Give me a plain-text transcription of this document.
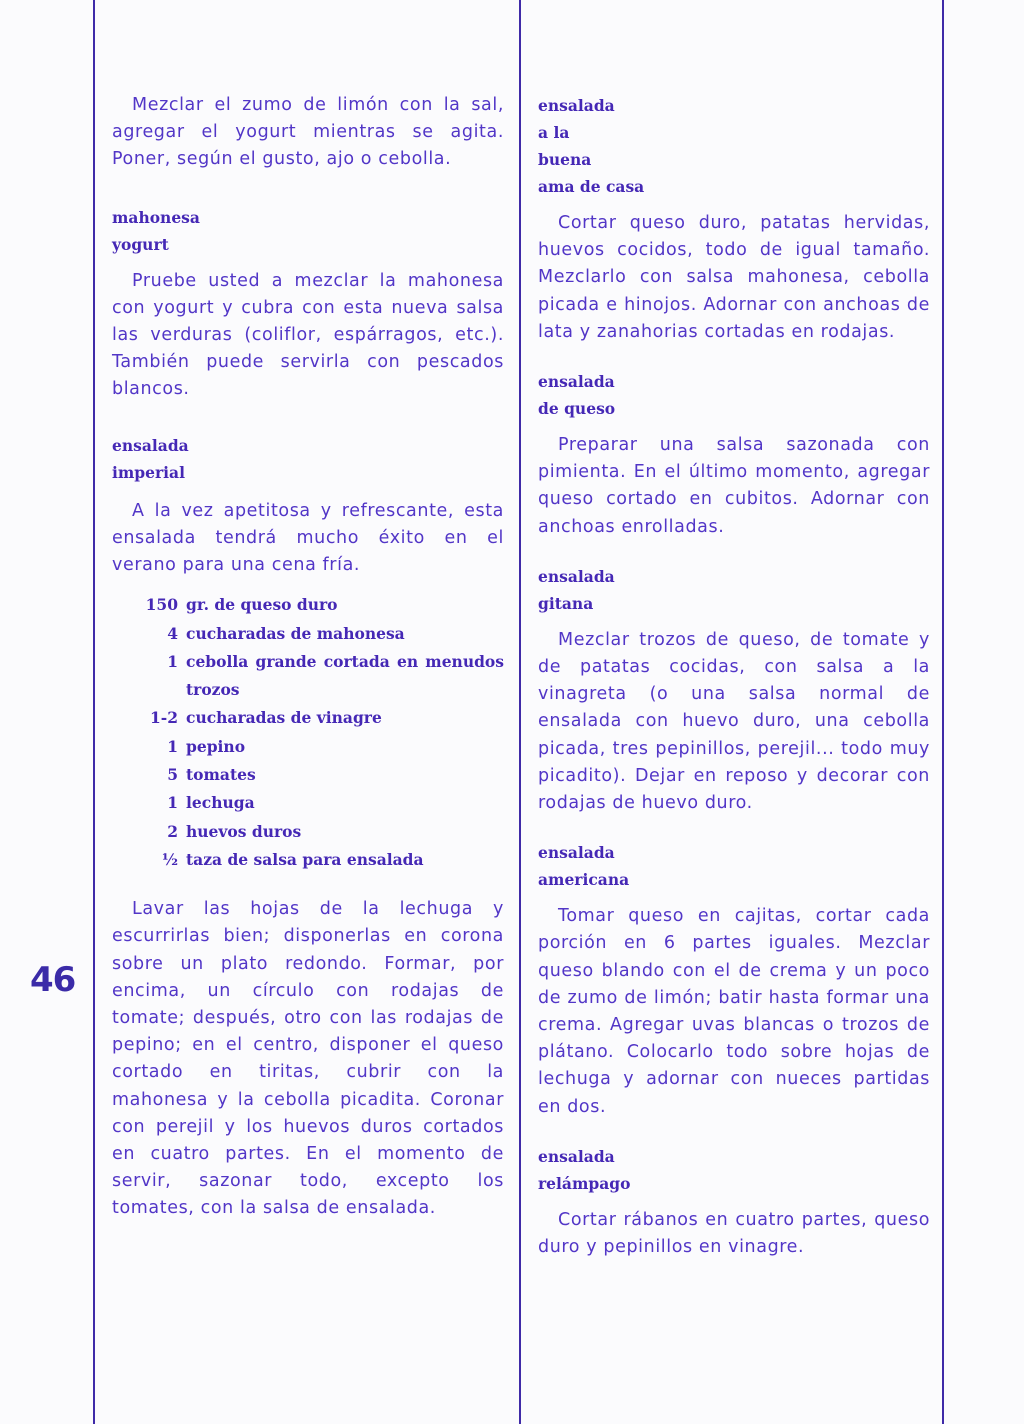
46

Mezclar el zumo de limón con la sal, agregar el yogurt mientras se agita. Poner, según el gusto, ajo o cebolla.

mahonesa
yogurt

Pruebe usted a mezclar la mahonesa con yogurt y cubra con esta nueva salsa las verduras (coliflor, espárragos, etc.). También puede servirla con pescados blancos.

ensalada
imperial

A la vez apetitosa y refrescante, esta ensalada tendrá mucho éxito en el verano para una cena fría.

150 gr. de queso duro
4 cucharadas de mahonesa
1 cebolla grande cortada en menudos trozos
1-2 cucharadas de vinagre
1 pepino
5 tomates
1 lechuga
2 huevos duros
½ taza de salsa para ensalada

Lavar las hojas de la lechuga y escurrirlas bien; disponerlas en corona sobre un plato redondo. Formar, por encima, un círculo con rodajas de tomate; después, otro con las rodajas de pepino; en el centro, disponer el queso cortado en tiritas, cubrir con la mahonesa y la cebolla picadita. Coronar con perejil y los huevos duros cortados en cuatro partes. En el momento de servir, sazonar todo, excepto los tomates, con la salsa de ensalada.

ensalada
a la
buena
ama de casa

Cortar queso duro, patatas hervidas, huevos cocidos, todo de igual tamaño. Mezclarlo con salsa mahonesa, cebolla picada e hinojos. Adornar con anchoas de lata y zanahorias cortadas en rodajas.

ensalada
de queso

Preparar una salsa sazonada con pimienta. En el último momento, agregar queso cortado en cubitos. Adornar con anchoas enrolladas.

ensalada
gitana

Mezclar trozos de queso, de tomate y de patatas cocidas, con salsa a la vinagreta (o una salsa normal de ensalada con huevo duro, una cebolla picada, tres pepinillos, perejil... todo muy picadito). Dejar en reposo y decorar con rodajas de huevo duro.

ensalada
americana

Tomar queso en cajitas, cortar cada porción en 6 partes iguales. Mezclar queso blando con el de crema y un poco de zumo de limón; batir hasta formar una crema. Agregar uvas blancas o trozos de plátano. Colocarlo todo sobre hojas de lechuga y adornar con nueces partidas en dos.

ensalada
relámpago

Cortar rábanos en cuatro partes, queso duro y pepinillos en vinagre.
